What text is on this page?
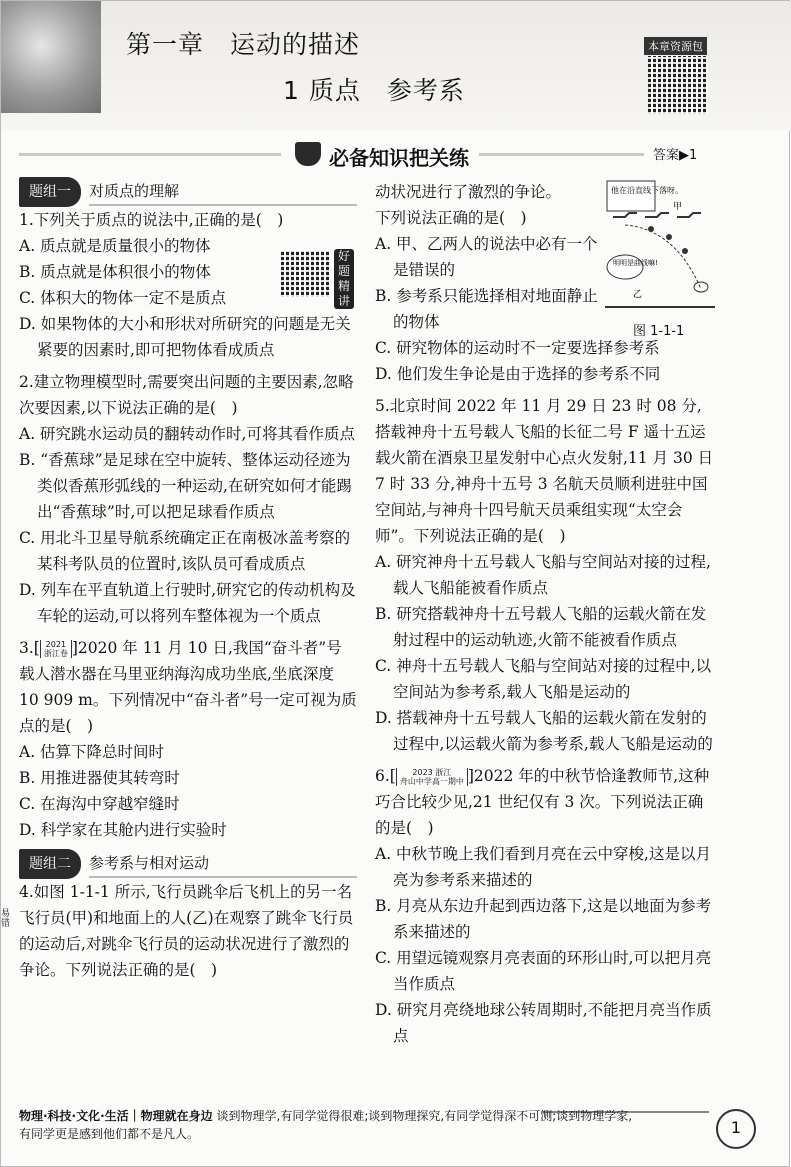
第一章　运动的描述
1 质点　参考系
本章资源包
必备知识把关练	答案▶1
题组一	对质点的理解
1.下列关于质点的说法中,正确的是(　)
A. 质点就是质量很小的物体
B. 质点就是体积很小的物体
C. 体积大的物体一定不是质点
D. 如果物体的大小和形状对所研究的问题是无关紧要的因素时,即可把物体看成质点
好题精讲
2.建立物理模型时,需要突出问题的主要因素,忽略次要因素,以下说法正确的是(　)
A. 研究跳水运动员的翻转动作时,可将其看作质点
B. “香蕉球”是足球在空中旋转、整体运动径迹为类似香蕉形弧线的一种运动,在研究如何才能踢出“香蕉球”时,可以把足球看作质点
C. 用北斗卫星导航系统确定正在南极冰盖考察的某科考队员的位置时,该队员可看成质点
D. 列车在平直轨道上行驶时,研究它的传动机构及车轮的运动,可以将列车整体视为一个质点
3.[ 2021
浙江卷 ]2020 年 11 月 10 日,我国“奋斗者”号载人潜水器在马里亚纳海沟成功坐底,坐底深度 10 909 m。下列情况中“奋斗者”号一定可视为质点的是(　)
A. 估算下降总时间时
B. 用推进器使其转弯时
C. 在海沟中穿越窄缝时
D. 科学家在其舱内进行实验时
题组二	参考系与相对运动
易错
4.如图 1-1-1 所示,飞行员跳伞后飞机上的另一名飞行员(甲)和地面上的人(乙)在观察了跳伞飞行员的运动后,对跳伞飞行员的运动状况进行了激烈的争论。下列说法正确的是(　)
动状况进行了激烈的争论。
下列说法正确的是(　)
A. 甲、乙两人的说法中必有一个是错误的
B. 参考系只能选择相对地面静止的物体
C. 研究物体的运动时不一定要选择参考系
D. 他们发生争论是由于选择的参考系不同
他在沿直线下落呀。
甲
明明是曲线嘛!
乙
图 1-1-1
5.北京时间 2022 年 11 月 29 日 23 时 08 分,搭载神舟十五号载人飞船的长征二号 F 遥十五运载火箭在酒泉卫星发射中心点火发射,11 月 30 日 7 时 33 分,神舟十五号 3 名航天员顺利进驻中国空间站,与神舟十四号航天员乘组实现“太空会师”。下列说法正确的是(　)
A. 研究神舟十五号载人飞船与空间站对接的过程,载人飞船能被看作质点
B. 研究搭载神舟十五号载人飞船的运载火箭在发射过程中的运动轨迹,火箭不能被看作质点
C. 神舟十五号载人飞船与空间站对接的过程中,以空间站为参考系,载人飞船是运动的
D. 搭载神舟十五号载人飞船的运载火箭在发射的过程中,以运载火箭为参考系,载人飞船是运动的
6.[ 2023 浙江
舟山中学高一期中 ]2022 年的中秋节恰逢教师节,这种巧合比较少见,21 世纪仅有 3 次。下列说法正确的是(　)
A. 中秋节晚上我们看到月亮在云中穿梭,这是以月亮为参考系来描述的
B. 月亮从东边升起到西边落下,这是以地面为参考系来描述的
C. 用望远镜观察月亮表面的环形山时,可以把月亮当作质点
D. 研究月亮绕地球公转周期时,不能把月亮当作质点
物理·科技·文化·生活｜物理就在身边 谈到物理学,有同学觉得很难;谈到物理探究,有同学觉得深不可测;谈到物理学家,
有同学更是感到他们都不是凡人。	1
